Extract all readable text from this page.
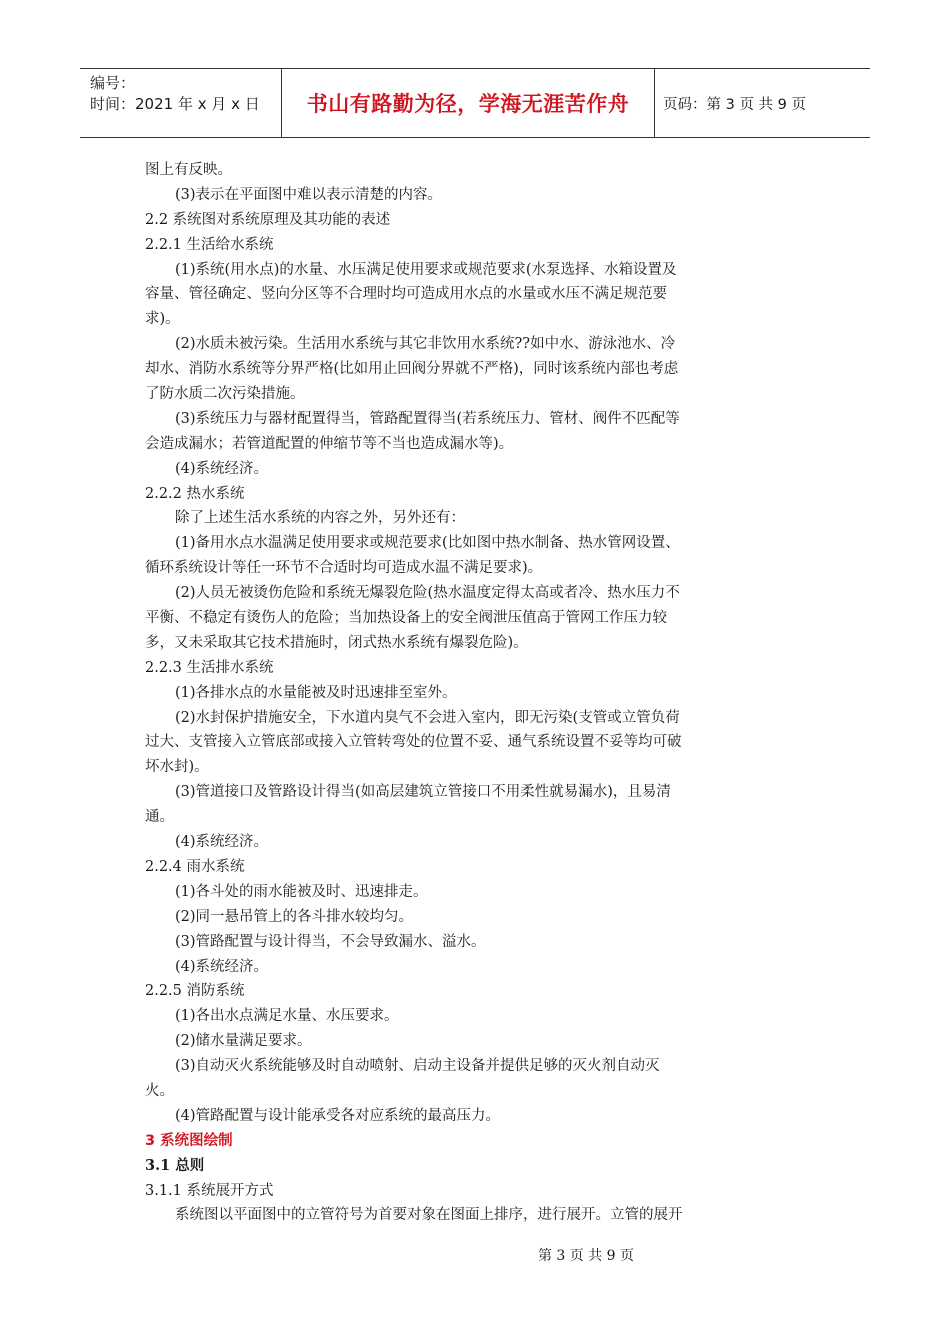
编号：
时间：2021 年 x 月 x 日	书山有路勤为径，学海无涯苦作舟	页码：第 3 页 共 9 页
图上有反映。
(3)表示在平面图中难以表示清楚的内容。
2.2 系统图对系统原理及其功能的表述
2.2.1 生活给水系统
(1)系统(用水点)的水量、水压满足使用要求或规范要求(水泵选择、水箱设置及
容量、管径确定、竖向分区等不合理时均可造成用水点的水量或水压不满足规范要
求)。
(2)水质未被污染。生活用水系统与其它非饮用水系统??如中水、游泳池水、冷
却水、消防水系统等分界严格(比如用止回阀分界就不严格)，同时该系统内部也考虑
了防水质二次污染措施。
(3)系统压力与器材配置得当，管路配置得当(若系统压力、管材、阀件不匹配等
会造成漏水；若管道配置的伸缩节等不当也造成漏水等)。
(4)系统经济。
2.2.2 热水系统
除了上述生活水系统的内容之外，另外还有：
(1)备用水点水温满足使用要求或规范要求(比如图中热水制备、热水管网设置、
循环系统设计等任一环节不合适时均可造成水温不满足要求)。
(2)人员无被烫伤危险和系统无爆裂危险(热水温度定得太高或者冷、热水压力不
平衡、不稳定有烫伤人的危险；当加热设备上的安全阀泄压值高于管网工作压力较
多，又未采取其它技术措施时，闭式热水系统有爆裂危险)。
2.2.3 生活排水系统
(1)各排水点的水量能被及时迅速排至室外。
(2)水封保护措施安全，下水道内臭气不会进入室内，即无污染(支管或立管负荷
过大、支管接入立管底部或接入立管转弯处的位置不妥、通气系统设置不妥等均可破
坏水封)。
(3)管道接口及管路设计得当(如高层建筑立管接口不用柔性就易漏水)，且易清
通。
(4)系统经济。
2.2.4 雨水系统
(1)各斗处的雨水能被及时、迅速排走。
(2)同一悬吊管上的各斗排水较均匀。
(3)管路配置与设计得当，不会导致漏水、溢水。
(4)系统经济。
2.2.5 消防系统
(1)各出水点满足水量、水压要求。
(2)储水量满足要求。
(3)自动灭火系统能够及时自动喷射、启动主设备并提供足够的灭火剂自动灭
火。
(4)管路配置与设计能承受各对应系统的最高压力。
3 系统图绘制
3.1 总则
3.1.1 系统展开方式
系统图以平面图中的立管符号为首要对象在图面上排序，进行展开。立管的展开
第 3 页 共 9 页
